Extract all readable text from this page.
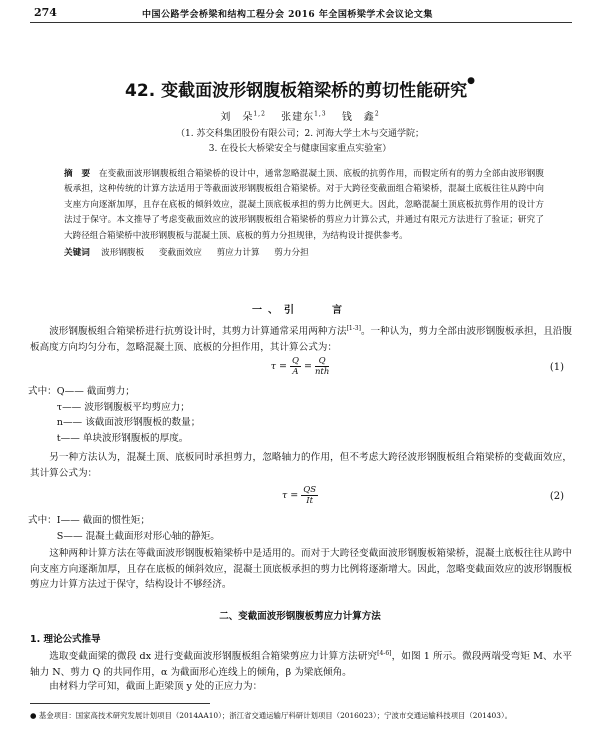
274	中国公路学会桥梁和结构工程分会 2016 年全国桥梁学术会议论文集
42. 变截面波形钢腹板箱梁桥的剪切性能研究●
刘　朵$^{1,2}$　 张建东$^{1,3}$　 钱　鑫$^2$
（1. 苏交科集团股份有限公司；2. 河海大学土木与交通学院；
3. 在役长大桥梁安全与健康国家重点实验室）
摘　要　 在变截面波形钢腹板组合箱梁桥的设计中，通常忽略混凝土顶、底板的抗剪作用，而假定所有的剪力全部由波形钢腹板承担，这种传统的计算方法适用于等截面波形钢腹板组合箱梁桥。对于大跨径变截面组合箱梁桥，混凝土底板往往从跨中向支座方向逐渐加厚，且存在底板的倾斜效应，混凝土顶底板承担的剪力比例更大。因此，忽略混凝土顶底板抗剪作用的设计方法过于保守。本文推导了考虑变截面效应的波形钢腹板组合箱梁桥的剪应力计算公式，并通过有限元方法进行了验证；研究了大跨径组合箱梁桥中波形钢腹板与混凝土顶、底板的剪力分担规律，为结构设计提供参考。
关键词　 波形钢腹板 变截面效应 剪应力计算 剪力分担
一、引　　言
波形钢腹板组合箱梁桥进行抗剪设计时，其剪力计算通常采用两种方法[1-3]。一种认为，剪力全部由波形钢腹板承担，且沿腹板高度方向均匀分布，忽略混凝土顶、底板的分担作用，其计算公式为：
$\tau = \frac{Q}{A} = \frac{Q}{\text{nth}}$	(1)
式中：Q—— 截面剪力；
　　　τ—— 波形钢腹板平均剪应力；
　　　n—— 该截面波形钢腹板的数量；
　　　t—— 单块波形钢腹板的厚度。
另一种方法认为，混凝土顶、底板同时承担剪力，忽略轴力的作用，但不考虑大跨径波形钢腹板组合箱梁桥的变截面效应，其计算公式为：
$\tau = \frac{QS}{It}$	(2)
式中：I—— 截面的惯性矩；
　　　S—— 混凝土截面形对形心轴的静矩。
这种两种计算方法在等截面波形钢腹板箱梁桥中是适用的。而对于大跨径变截面波形钢腹板箱梁桥，混凝土底板往往从跨中向支座方向逐渐加厚，且存在底板的倾斜效应，混凝土顶底板承担的剪力比例将逐渐增大。因此，忽略变截面效应的波形钢腹板剪应力计算方法过于保守，结构设计不够经济。
二、变截面波形钢腹板剪应力计算方法
1. 理论公式推导
选取变截面梁的微段 dx 进行变截面波形钢腹板组合箱梁剪应力计算方法研究[4-6]，如图 1 所示。微段两端受弯矩 M、水平轴力 N、剪力 Q 的共同作用，α 为截面形心连线上的倾角，β 为梁底倾角。
由材料力学可知，截面上距梁顶 y 处的正应力为：
● 基金项目：国家高技术研究发展计划项目（2014AA10）；浙江省交通运输厅科研计划项目（2016023）；宁波市交通运输科技项目（201403）。
